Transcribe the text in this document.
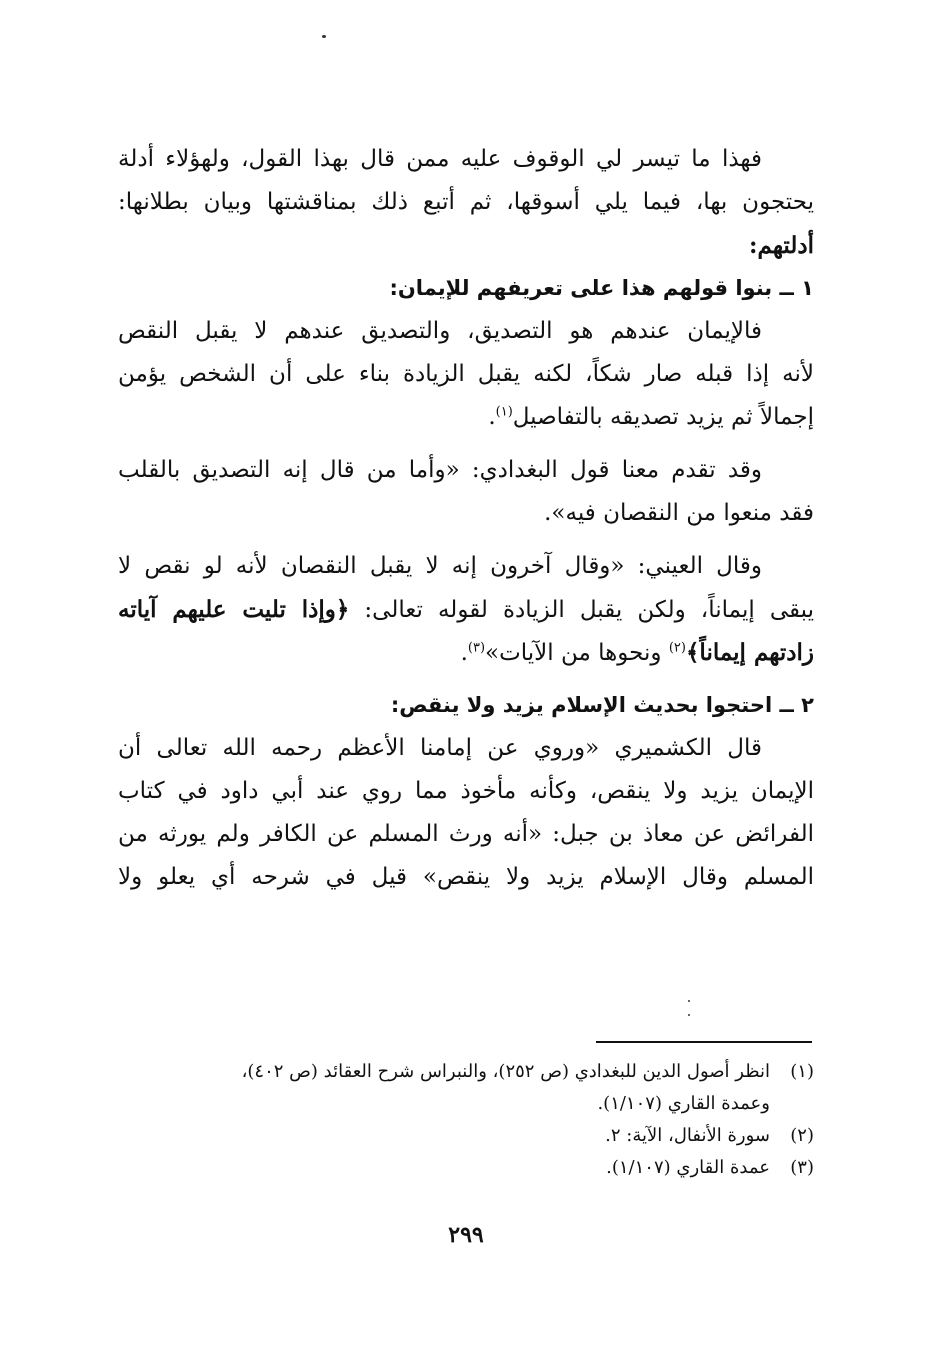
فهذا ما تيسر لي الوقوف عليه ممن قال بهذا القول، ولهؤلاء أدلة
يحتجون بها، فيما يلي أسوقها، ثم أتبع ذلك بمناقشتها وبيان بطلانها:
أدلتهم:
١ ــ بنوا قولهم هذا على تعريفهم للإيمان:
فالإيمان عندهم هو التصديق، والتصديق عندهم لا يقبل النقص
لأنه إذا قبله صار شكاً، لكنه يقبل الزيادة بناء على أن الشخص يؤمن
إجمالاً ثم يزيد تصديقه بالتفاصيل$^{(١)}$.
وقد تقدم معنا قول البغدادي: «وأما من قال إنه التصديق بالقلب
فقد منعوا من النقصان فيه».
وقال العيني: «وقال آخرون إنه لا يقبل النقصان لأنه لو نقص لا
يبقى إيماناً، ولكن يقبل الزيادة لقوله تعالى: ﴿وإذا تليت عليهم آياته
زادتهم إيماناً﴾$^{(٢)}$ ونحوها من الآيات»$^{(٣)}$.
٢ ــ احتجوا بحديث الإسلام يزيد ولا ينقص:
قال الكشميري «وروي عن إمامنا الأعظم رحمه الله تعالى أن
الإيمان يزيد ولا ينقص، وكأنه مأخوذ مما روي عند أبي داود في كتاب
الفرائض عن معاذ بن جبل: «أنه ورث المسلم عن الكافر ولم يورثه من
المسلم وقال الإسلام يزيد ولا ينقص» قيل في شرحه أي يعلو ولا
(١)
انظر أصول الدين للبغدادي (ص ٢٥٢)، والنبراس شرح العقائد (ص ٤٠٢)،
وعمدة القاري (١/١٠٧).
(٢)
سورة الأنفال، الآية: ٢.
(٣)
عمدة القاري (١/١٠٧).
٢٩٩
